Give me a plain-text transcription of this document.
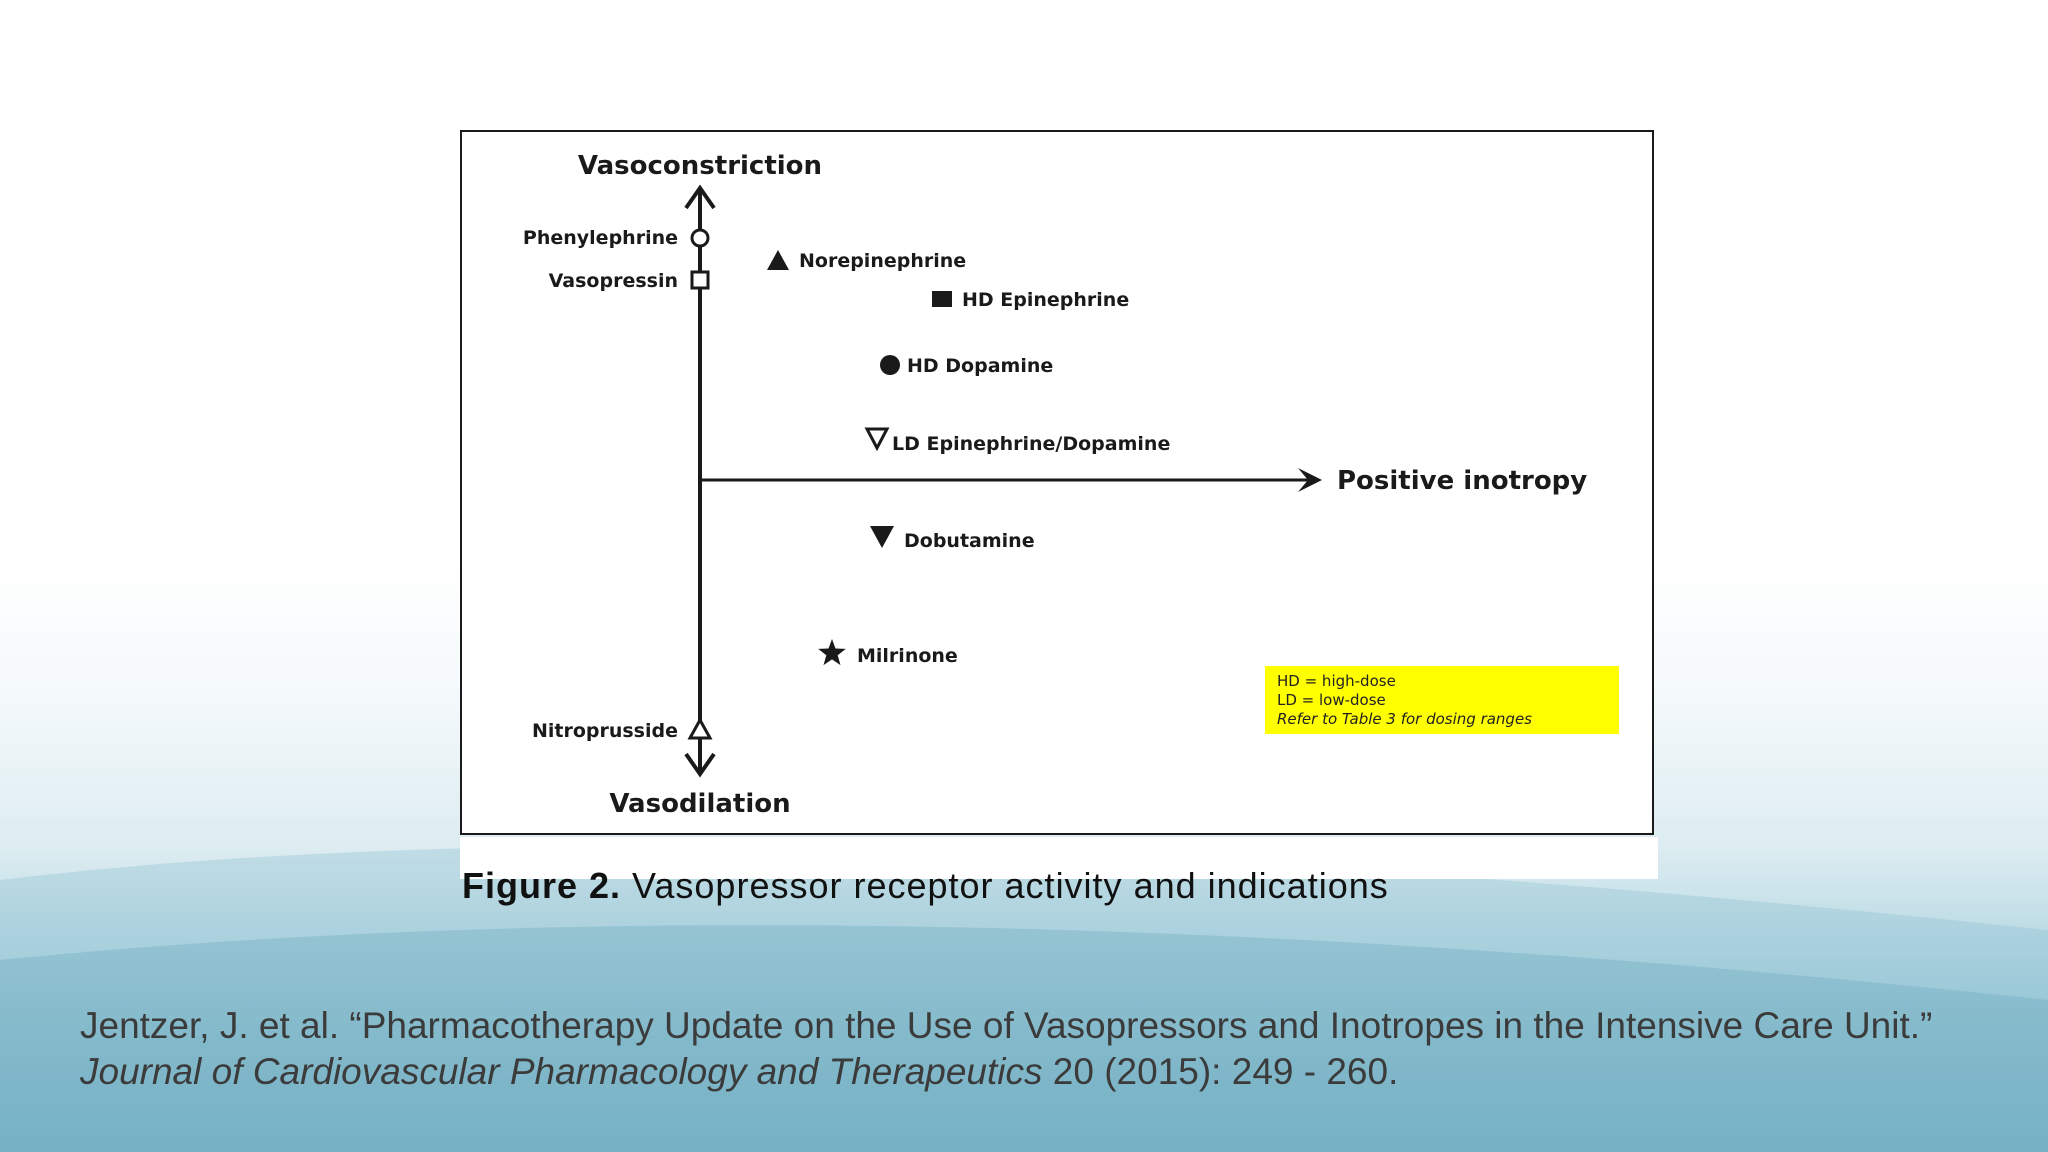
Vasoconstriction
Vasodilation
Positive inotropy
Phenylephrine
Vasopressin
Norepinephrine
HD Epinephrine
HD Dopamine
LD Epinephrine/Dopamine
Dobutamine
Milrinone
Nitroprusside
HD = high-dose
LD = low-dose
Refer to Table 3 for dosing ranges
Figure 2. Vasopressor receptor activity and indications
Jentzer, J. et al. “Pharmacotherapy Update on the Use of Vasopressors and Inotropes in the Intensive Care Unit.” Journal of Cardiovascular Pharmacology and Therapeutics 20 (2015): 249 - 260.
